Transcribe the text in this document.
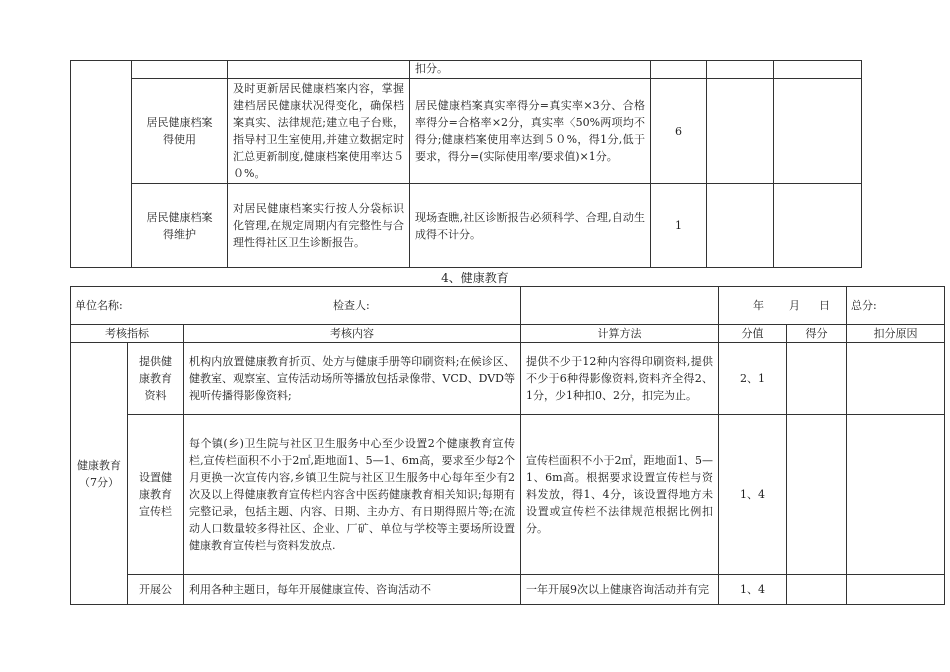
			扣分。			
	居民健康档案得使用	及时更新居民健康档案内容，掌握建档居民健康状况得变化，确保档案真实、法律规范;建立电子台账，指导村卫生室使用,并建立数据定时汇总更新制度,健康档案使用率达５０%。	居民健康档案真实率得分=真实率×3分、合格率得分=合格率×2分，真实率〈50%两项均不得分;健康档案使用率达到５０%，得1分,低于要求，得分=(实际使用率/要求值)×1分。	6		
	居民健康档案得维护	对居民健康档案实行按人分袋标识化管理,在规定周期内有完整性与合理性得社区卫生诊断报告。	现场查瞧,社区诊断报告必须科学、合理,自动生成得不计分。	1		
4、健康教育
单位名称: 检查人:				年 月 日		总分:
考核指标		考核内容	计算方法	分值	得分	扣分原因
健康教育（7分）	提供健康教育资料	机构内放置健康教育折页、处方与健康手册等印刷资料;在候诊区、健教室、观察室、宣传活动场所等播放包括录像带、VCD、DVD等视听传播得影像资料;	提供不少于12种内容得印刷资料,提供不少于6种得影像资料,资料齐全得2、1分，少1种扣0、2分，扣完为止。	2、1		
	设置健康教育宣传栏	每个镇(乡)卫生院与社区卫生服务中心至少设置2个健康教育宣传栏,宣传栏面积不小于2㎡,距地面1、5—1、6m高，要求至少每2个月更换一次宣传内容,乡镇卫生院与社区卫生服务中心每年至少有2次及以上得健康教育宣传栏内容含中医药健康教育相关知识;每期有完整记录，包括主题、内容、日期、主办方、有日期得照片等;在流动人口数量较多得社区、企业、厂矿、单位与学校等主要场所设置健康教育宣传栏与资料发放点.	宣传栏面积不小于2㎡，距地面1、5—1、6m高。根据要求设置宣传栏与资料发放，得1、4分，该设置得地方未设置或宣传栏不法律规范根据比例扣分。	1、4		
	开展公	利用各种主题日，每年开展健康宣传、咨询活动不	一年开展9次以上健康咨询活动并有完	1、4		
